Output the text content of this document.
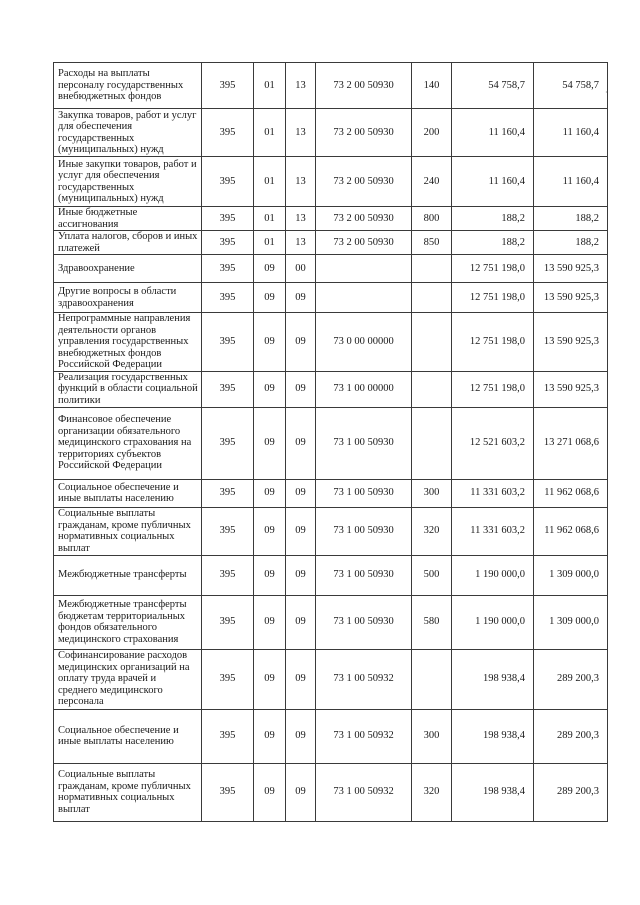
Расходы на выплаты персоналу государственных внебюджетных фондов	395	01	13	73 2 00 50930	140	54 758,7	54 758,7
Закупка товаров, работ и услуг для обеспечения государственных (муниципальных) нужд	395	01	13	73 2 00 50930	200	11 160,4	11 160,4
Иные закупки товаров, работ и услуг для обеспечения государственных (муниципальных) нужд	395	01	13	73 2 00 50930	240	11 160,4	11 160,4
Иные бюджетные ассигнования	395	01	13	73 2 00 50930	800	188,2	188,2
Уплата налогов, сборов и иных платежей	395	01	13	73 2 00 50930	850	188,2	188,2
Здравоохранение	395	09	00			12 751 198,0	13 590 925,3
Другие вопросы в области здравоохранения	395	09	09			12 751 198,0	13 590 925,3
Непрограммные направления деятельности органов управления государственных внебюджетных фондов Российской Федерации	395	09	09	73 0 00 00000		12 751 198,0	13 590 925,3
Реализация государственных функций в области социальной политики	395	09	09	73 1 00 00000		12 751 198,0	13 590 925,3
Финансовое обеспечение организации обязательного медицинского страхования на территориях субъектов Российской Федерации	395	09	09	73 1 00 50930		12 521 603,2	13 271 068,6
Социальное обеспечение и иные выплаты населению	395	09	09	73 1 00 50930	300	11 331 603,2	11 962 068,6
Социальные выплаты гражданам, кроме публичных нормативных социальных выплат	395	09	09	73 1 00 50930	320	11 331 603,2	11 962 068,6
Межбюджетные трансферты	395	09	09	73 1 00 50930	500	1 190 000,0	1 309 000,0
Межбюджетные трансферты бюджетам территориальных фондов обязательного медицинского страхования	395	09	09	73 1 00 50930	580	1 190 000,0	1 309 000,0
Софинансирование расходов медицинских организаций на оплату труда врачей и среднего медицинского персонала	395	09	09	73 1 00 50932		198 938,4	289 200,3
Социальное обеспечение и иные выплаты населению	395	09	09	73 1 00 50932	300	198 938,4	289 200,3
Социальные выплаты гражданам, кроме публичных нормативных социальных выплат	395	09	09	73 1 00 50932	320	198 938,4	289 200,3
·
